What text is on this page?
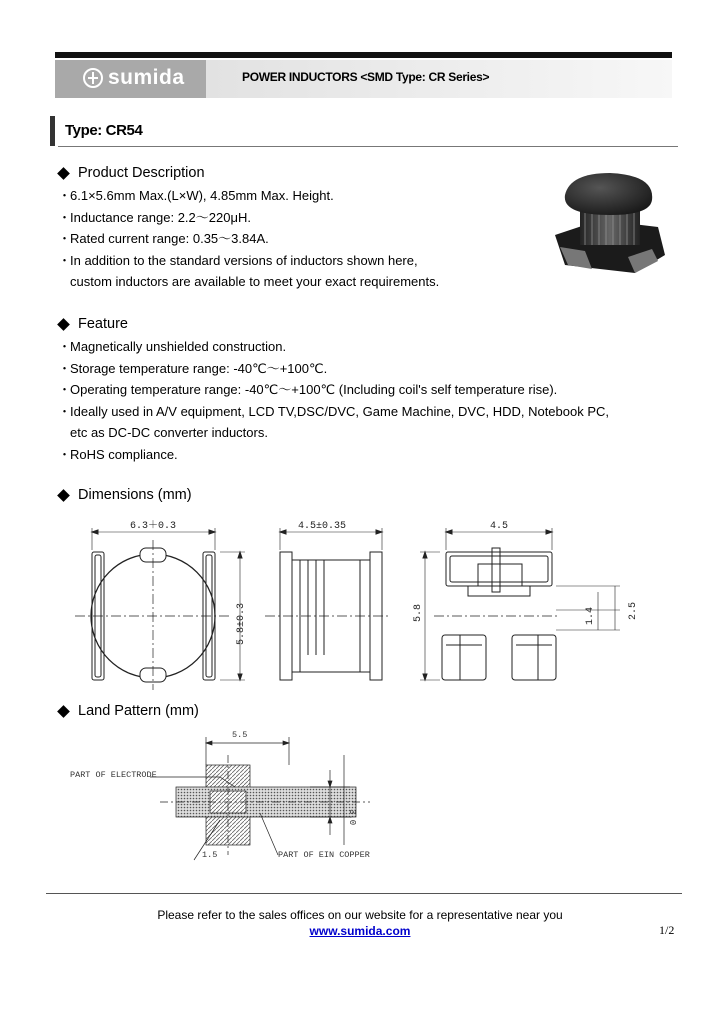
sumida	POWER INDUCTORS <SMD Type: CR Series>
Type: CR54
Product Description
・6.1×5.6mm Max.(L×W), 4.85mm Max. Height.
・Inductance range: 2.2～220μH.
・Rated current range: 0.35～3.84A.
・In addition to the standard versions of inductors shown here,
custom inductors are available to meet your exact requirements.
Feature
・Magnetically unshielded construction.
・Storage temperature range: -40℃～+100℃.
・Operating temperature range: -40℃～+100℃ (Including coil's self temperature rise).
・Ideally used in A/V equipment, LCD TV,DSC/DVC, Game Machine, DVC, HDD, Notebook PC,
etc as DC-DC converter inductors.
・RoHS compliance.
Dimensions (mm)
6.3＋0.3
5.8±0.3
4.5±0.35	4.5
5.8	1.4	2.5
Land Pattern (mm)
PART OF ELECTRODE
5.5
3.0
1.5	PART OF EIN COPPER
Please refer to the sales offices on our website for a representative near you
www.sumida.com	1/2
